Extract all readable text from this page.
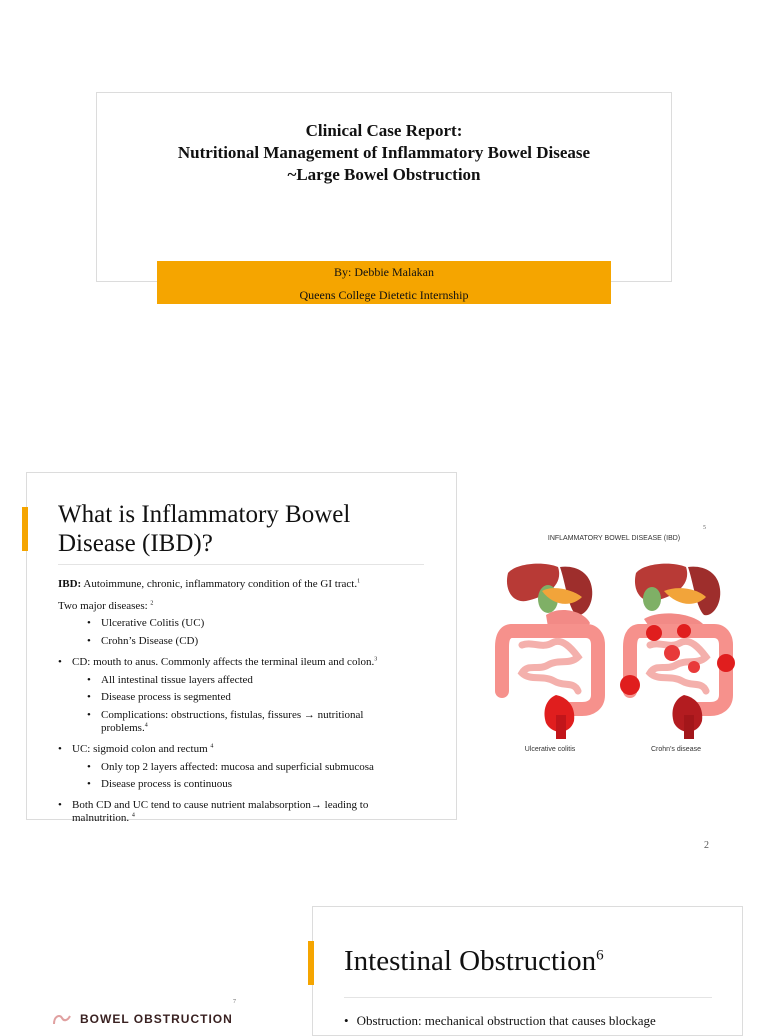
Clinical Case Report:
Nutritional Management of Inflammatory Bowel Disease
~Large Bowel Obstruction
By: Debbie Malakan
Queens College Dietetic Internship
What is Inflammatory Bowel Disease (IBD)?
IBD: Autoimmune, chronic, inflammatory condition of the GI tract.$^1$
Two major diseases: $^2$
• Ulcerative Colitis (UC)
• Crohn’s Disease (CD)
• CD: mouth to anus. Commonly affects the terminal ileum and colon.$^3$
• All intestinal tissue layers affected
• Disease process is segmented
• Complications: obstructions, fistulas, fissures → nutritional
problems.$^4$
• UC: sigmoid colon and rectum $^4$
• Only top 2 layers affected: mucosa and superficial submucosa
• Disease process is continuous
• Both CD and UC tend to cause nutrient malabsorption→ leading to
malnutrition. $^4$
INFLAMMATORY BOWEL DISEASE (IBD)
5
Ulcerative colitis	Crohn's disease
2
Intestinal Obstruction$^6$
• Obstruction: mechanical obstruction that causes blockage
BOWEL OBSTRUCTION
7
